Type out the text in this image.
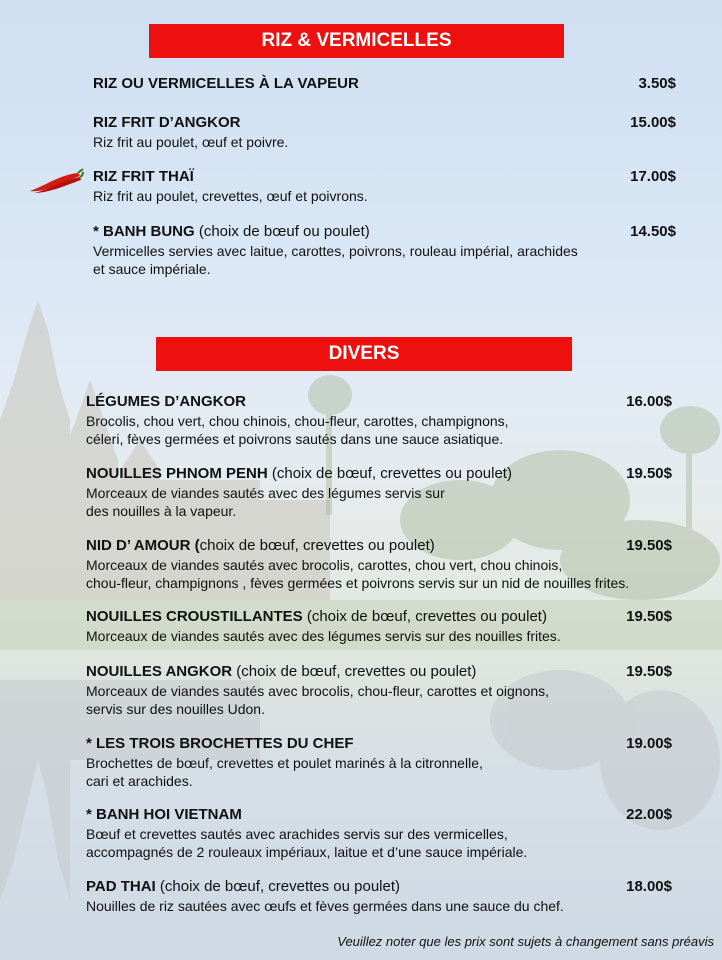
RIZ & VERMICELLES
RIZ OU VERMICELLES À LA VAPEUR	3.50$
RIZ FRIT D’ANGKOR
Riz frit au poulet, œuf et poivre.
15.00$
RIZ FRIT THAÏ
Riz frit au poulet, crevettes, œuf et poivrons.
17.00$
* BANH BUNG (choix de bœuf ou poulet)
Vermicelles servies avec laitue, carottes, poivrons, rouleau impérial, arachides
et sauce impériale.
14.50$
DIVERS
LÉGUMES D’ANGKOR
Brocolis, chou vert, chou chinois, chou-fleur, carottes, champignons,
céleri, fèves germées et poivrons sautés dans une sauce asiatique.
16.00$
NOUILLES PHNOM PENH (choix de bœuf, crevettes ou poulet)
Morceaux de viandes sautés avec des légumes servis sur
des nouilles à la vapeur.
19.50$
NID D’ AMOUR (choix de bœuf, crevettes ou poulet)
Morceaux de viandes sautés avec brocolis, carottes, chou vert, chou chinois,
chou-fleur, champignons , fèves germées et poivrons servis sur un nid de nouilles frites.
19.50$
NOUILLES CROUSTILLANTES (choix de bœuf, crevettes ou poulet)
Morceaux de viandes sautés avec des légumes servis sur des nouilles frites.
19.50$
NOUILLES ANGKOR (choix de bœuf, crevettes ou poulet)
Morceaux de viandes sautés avec brocolis, chou-fleur, carottes et oignons,
servis sur des nouilles Udon.
19.50$
* LES TROIS BROCHETTES DU CHEF
Brochettes de bœuf, crevettes et poulet marinés à la citronnelle,
cari et arachides.
19.00$
* BANH HOI VIETNAM
Bœuf et crevettes sautés avec arachides servis sur des vermicelles,
accompagnés de 2 rouleaux impériaux, laitue et d’une sauce impériale.
22.00$
PAD THAI (choix de bœuf, crevettes ou poulet)
Nouilles de riz sautées avec œufs et fèves germées dans une sauce du chef.
18.00$
Veuillez noter que les prix sont sujets à changement sans préavis
